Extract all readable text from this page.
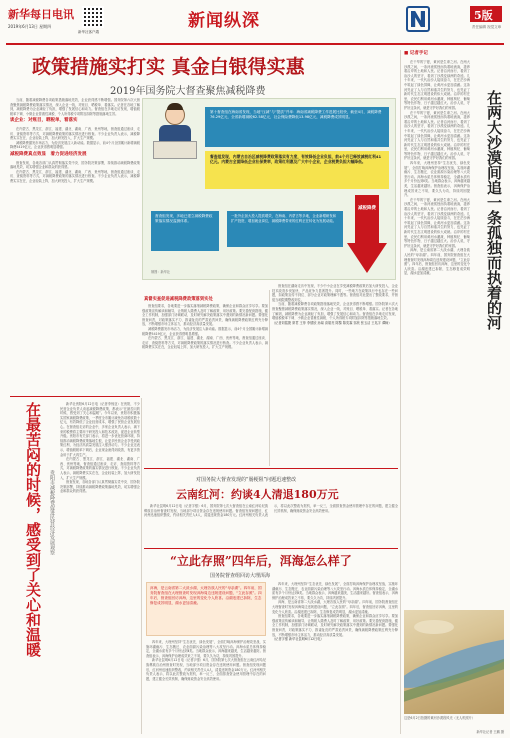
新华每日电讯
2019年6月13日 星期四
新华社客户端
新闻纵深	5版
责任编辑 视觉文章
政策措施实打实 真金白银得实惠
2019年国务院大督查聚焦减税降费

当前，随着减税降费各项政策措施落地见效，企业获得感不断增强。国务院第六次大督查聚焦减税降费政策落实情况，深入企业一线，对账目、晒税单、看落实。记者在各地了解到，减税降费为企业减轻了负担，增强了发展信心和动力。督查组在多地走访发现，增值税税率下调、小微企业普惠性减税、个人所得税专项附加扣除等措施落地生效。

谈企业：对账目，晒税单，看落实

在内蒙古、黑龙江、浙江、福建、湖北、湖南、广西、贵州等地，督查组通过座谈、走访、查阅资料等方式，对减税降费政策的落实情况进行核查。不少企业负责人表示，减税降费实实在在，企业轻装上阵，加大研发投入，扩大生产规模。

减税降费激发市场活力，为经济发展注入新动能。数据显示，前4个月全国累计新增减税降费5419亿元，企业获得感明显增强。

减税降费真点效显　着力促进经济发展

督查发现，各地各部门认真贯彻落实党中央、国务院决策部署，持续推动减税降费政策落地见效，切实增强企业和群众的获得感。

在内蒙古、黑龙江、浙江、福建、湖北、湖南、广西、贵州等地，督查组通过座谈、走访、查阅资料等方式，对减税降费政策的落实情况进行核查。不少企业负责人表示，减税降费实实在在，企业轻装上阵，加大研发投入，扩大生产规模。

第十督查组在海南省发现，当地“压减”与“提质”并举：海南省减税降费工作进展比较快，截至4月，减税降费76.29亿元，全省新增减税62.58亿元，社会保险费降低13.98亿元，减税降费成效明显。
督查组发现，内蒙古自治区减税降费政策落实有力度，有效降低企业负担，前4个月已释放减税红利41亿元。内蒙古全面降低企业社保费率，政策红利惠及广大中小企业，企业税费负担大幅降低。
督查组发现，多地已建立减税降费政策落实情况监测体系。
一批外企加大投入提质增效，在海南、内蒙古等多地，企业新增研发和扩产投资，增加就业岗位，减税降费带来的红利正在转化为发展动能。
减税降费
制图：新华社
真督实查促进减税降费政策落到实处

督查组要求，各地要进一步落实落细减税降费政策，确保企业和群众应享尽享。要加强政策宣传解读和辅导，让纳税人缴费人及时了解政策、用好政策。要完善配套措施，健全工作机制，加强部门协调联动，及时研究解决政策落实中遇到的新情况新问题。要强化督查问责，对政策落实不力、推诿扯皮的严肃追责问责，确保减税降费政策红利充分释放，不断增强市场主体活力，推动经济高质量发展。

减税降费激发市场活力，为经济发展注入新动能。数据显示，前4个月全国累计新增减税降费5419亿元，企业获得感明显增强。

在内蒙古、黑龙江、浙江、福建、湖北、湖南、广西、贵州等地，督查组通过座谈、走访、查阅资料等方式，对减税降费政策的落实情况进行核查。不少企业负责人表示，减税降费实实在在，企业轻装上阵，加大研发投入，扩大生产规模。

督查组在湖南走访中发现，不少中小企业在享受减税降费政策后加大研发投入，企业技术改造步伐加快，产品竞争力显著提升。同时，一些地方在政策执行中也存在一些问题，如政策宣传不到位、部分企业对政策理解不透等。督查组对此提出了整改要求，并督促当地限期整改到位。

当前，随着减税降费各项政策措施落地见效，企业获得感不断增强。国务院第六次大督查聚焦减税降费政策落实情况，深入企业一线，对账目、晒税单、看落实。记者在各地了解到，减税降费为企业减轻了负担，增强了发展信心和动力。督查组在多地走访发现，增值税税率下调、小微企业普惠性减税、个人所得税专项附加扣除等措施落地生效。

（记者刘铭捷 廖君 王菲 李德欣 孙闻 高皓亮 陈黎 陈奕霖 邹欣 张玉洁 王兆宇 谭畅）

在最苦闷的时候，感受到了关心和温暖	贵阳市减税降费促进民营经济发展观察

新华社贵阳6月12日电（记者李惊亚）在贵阳，不少民营企业负责人谈起减税降费政策，都表示“在最苦闷的时候，感受到了关心和温暖”。今年以来，贵阳市积极落实国家减税降费政策，一季度全市累计减免各项税收数十亿元，有效降低了企业经营成本，增强了民营企业发展信心。在督查组走访的企业中，多家企业负责人表示，减下来的税费将主要用于研发投入和技术改造，促进企业转型升级。贵阳市有关部门表示，将进一步优化营商环境，持续推动减税降费政策落地生根，让更多民营企业享受到政策红利，为经济高质量发展注入强劲动力。不少企业还表示，增值税税率下调后，企业现金流得到改善，有更多资金用于扩大再生产。

在内蒙古、黑龙江、浙江、福建、湖北、湖南、广西、贵州等地，督查组通过座谈、走访、查阅资料等方式，对减税降费政策的落实情况进行核查。不少企业负责人表示，减税降费实实在在，企业轻装上阵，加大研发投入，扩大生产规模。

督查发现，各地各部门认真贯彻落实党中央、国务院决策部署，持续推动减税降费政策落地见效，切实增强企业和群众的获得感。

对国务院大督查发现的“肠梗阻”问题迅速整改
云南红河：约谈4人清退180万元

新华社昆明6月12日电（记者字强）6月，国务院第七次大督查组在云南红河哈尼族彝族自治州督查时发现，当地部分项目资金存在违规使用问题。督查组发现问题后，红河州迅速组织整改，约谈相关责任人4人，清退违规资金180万元。红河州相关负责人表示，将以此次整改为契机，举一反三，全面排查资金使用管理中存在的问题，建立健全长效机制，确保财政资金安全高效使用。

“立此存照”四年后，洱海怎么样了
国务院督查组回访大理洱海
洱海，是云南省第二大淡水湖，大理各族人民的“母亲湖”。四年前，国务院督查组在大理督查时发现洱海周边违规建设问题，“立此存照”。四年后，督查组回访洱海，这里的变化令人欣喜。沿湖违建已拆除，生态修复成效明显，湖水更加清澈。

四年来，大理州坚持“生态优先、绿色发展”，全面打响洱海保护治理攻坚战，实施环湖截污、生态搬迁、农业面源污染治理等八大攻坚行动。洱海水质总体保持稳定，全湖水质有多个月份达到Ⅱ类。当地群众表示，洱海越来越美，生活越来越好。督查组表示，洱海保护治理成效来之不易，要久久为功，持续巩固提升。

新华社昆明6月12日电（记者字强）6月，国务院第七次大督查组在云南红河哈尼族彝族自治州督查时发现，当地部分项目资金存在违规使用问题。督查组发现问题后，红河州迅速组织整改，约谈相关责任人4人，清退违规资金180万元。红河州相关负责人表示，将以此次整改为契机，举一反三，全面排查资金使用管理中存在的问题，建立健全长效机制，确保财政资金安全高效使用。

四年来，大理州坚持“生态优先、绿色发展”，全面打响洱海保护治理攻坚战，实施环湖截污、生态搬迁、农业面源污染治理等八大攻坚行动。洱海水质总体保持稳定，全湖水质有多个月份达到Ⅱ类。当地群众表示，洱海越来越美，生活越来越好。督查组表示，洱海保护治理成效来之不易，要久久为功，持续巩固提升。

洱海，是云南省第二大淡水湖，大理各族人民的“母亲湖”。四年前，国务院督查组在大理督查时发现洱海周边违规建设问题，“立此存照”。四年后，督查组回访洱海，这里的变化令人欣喜。沿湖违建已拆除，生态修复成效明显，湖水更加清澈。

督查组要求，各地要进一步落实落细减税降费政策，确保企业和群众应享尽享。要加强政策宣传解读和辅导，让纳税人缴费人及时了解政策、用好政策。要完善配套措施，健全工作机制，加强部门协调联动，及时研究解决政策落实中遇到的新情况新问题。要强化督查问责，对政策落实不力、推诿扯皮的严肃追责问责，确保减税降费政策红利充分释放，不断增强市场主体活力，推动经济高质量发展。

（记者字强 新华社昆明6月12日电）

■ 记者手记

在干旱的宁夏，黄河是生命之河。在两大沙漠之间，一条河流孤独而执着地流淌，滋养着沿岸的土地和人民。记者沿河而行，看到了治沙人的坚守，看到了沙漠变绿洲的奇迹。几十年来，一代代治沙人接续奋斗，在茫茫沙海中筑起了绿色屏障，让黄河水更加清澈。这条河见证了人与自然和谐共生的努力，也见证了新时代生态文明建设的伟大成就。沿岸的村庄里，农民们利用黄河水灌溉，种植枸杞、葡萄等特色作物，日子越过越红火。治沙人说，守护好这条河，就是守护好我们的家园。

在干旱的宁夏，黄河是生命之河。在两大沙漠之间，一条河流孤独而执着地流淌，滋养着沿岸的土地和人民。记者沿河而行，看到了治沙人的坚守，看到了沙漠变绿洲的奇迹。几十年来，一代代治沙人接续奋斗，在茫茫沙海中筑起了绿色屏障，让黄河水更加清澈。这条河见证了人与自然和谐共生的努力，也见证了新时代生态文明建设的伟大成就。沿岸的村庄里，农民们利用黄河水灌溉，种植枸杞、葡萄等特色作物，日子越过越红火。治沙人说，守护好这条河，就是守护好我们的家园。

四年来，大理州坚持“生态优先、绿色发展”，全面打响洱海保护治理攻坚战，实施环湖截污、生态搬迁、农业面源污染治理等八大攻坚行动。洱海水质总体保持稳定，全湖水质有多个月份达到Ⅱ类。当地群众表示，洱海越来越美，生活越来越好。督查组表示，洱海保护治理成效来之不易，要久久为功，持续巩固提升。

在干旱的宁夏，黄河是生命之河。在两大沙漠之间，一条河流孤独而执着地流淌，滋养着沿岸的土地和人民。记者沿河而行，看到了治沙人的坚守，看到了沙漠变绿洲的奇迹。几十年来，一代代治沙人接续奋斗，在茫茫沙海中筑起了绿色屏障，让黄河水更加清澈。这条河见证了人与自然和谐共生的努力，也见证了新时代生态文明建设的伟大成就。沿岸的村庄里，农民们利用黄河水灌溉，种植枸杞、葡萄等特色作物，日子越过越红火。治沙人说，守护好这条河，就是守护好我们的家园。

洱海，是云南省第二大淡水湖，大理各族人民的“母亲湖”。四年前，国务院督查组在大理督查时发现洱海周边违规建设问题，“立此存照”。四年后，督查组回访洱海，这里的变化令人欣喜。沿湖违建已拆除，生态修复成效明显，湖水更加清澈。	在两大沙漠间追一条孤独而执着的河
这是6月2日拍摄的黄河沙漠段风光（无人机照片）
新华社记者 王鹏 摄
